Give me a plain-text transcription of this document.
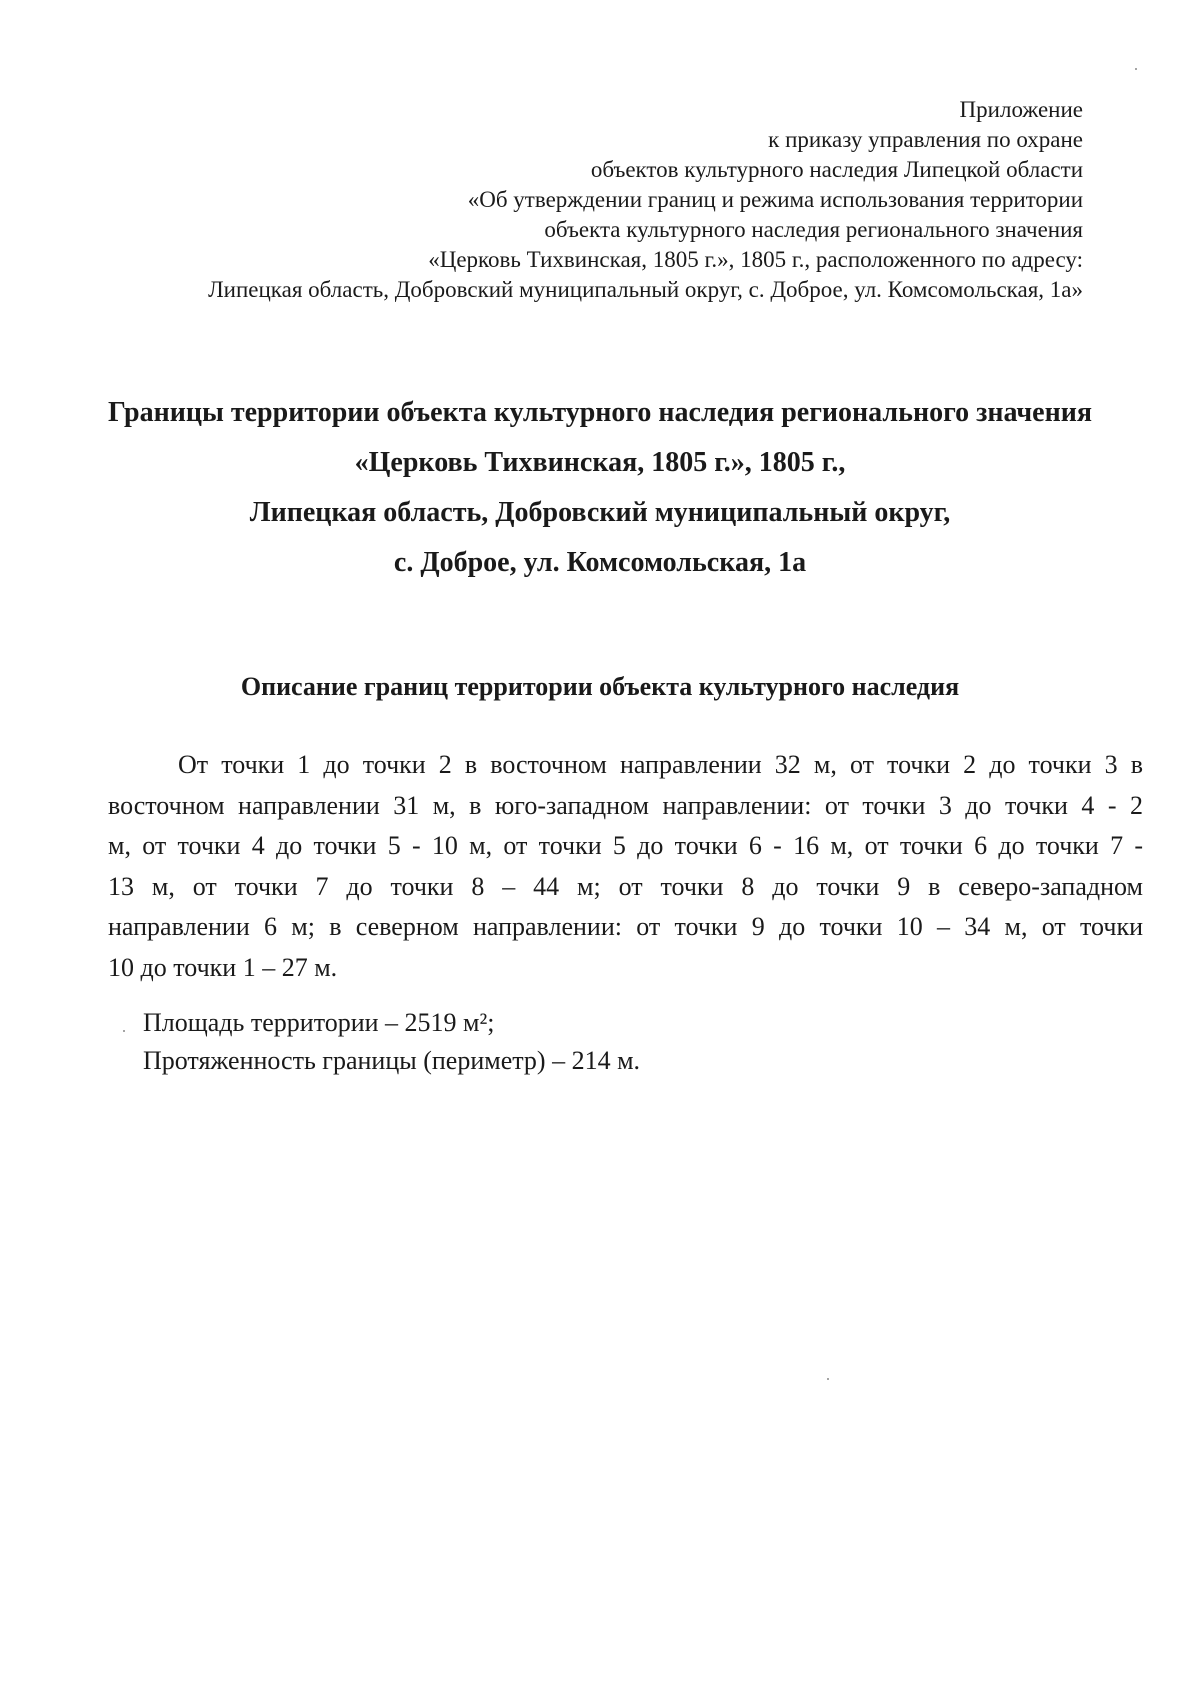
Приложение
к приказу управления по охране
объектов культурного наследия Липецкой области
«Об утверждении границ и режима использования территории
объекта культурного наследия регионального значения
«Церковь Тихвинская, 1805 г.», 1805 г., расположенного по адресу:
Липецкая область, Добровский муниципальный округ, с. Доброе, ул. Комсомольская, 1а»
Границы территории объекта культурного наследия регионального значения
«Церковь Тихвинская, 1805 г.», 1805 г.,
Липецкая область, Добровский муниципальный округ,
с. Доброе, ул. Комсомольская, 1а
Описание границ территории объекта культурного наследия
От точки 1 до точки 2 в восточном направлении 32 м, от точки 2 до точки 3 в
восточном направлении 31 м, в юго-западном направлении: от точки 3 до точки 4 - 2
м, от точки 4 до точки 5 - 10 м, от точки 5 до точки 6 - 16 м, от точки 6 до точки 7 -
13 м, от точки 7 до точки 8 – 44 м; от точки 8 до точки 9 в северо-западном
направлении 6 м; в северном направлении: от точки 9 до точки 10 – 34 м, от точки
10 до точки 1 – 27 м.
Площадь территории – 2519 м²;
Протяженность границы (периметр) – 214 м.
